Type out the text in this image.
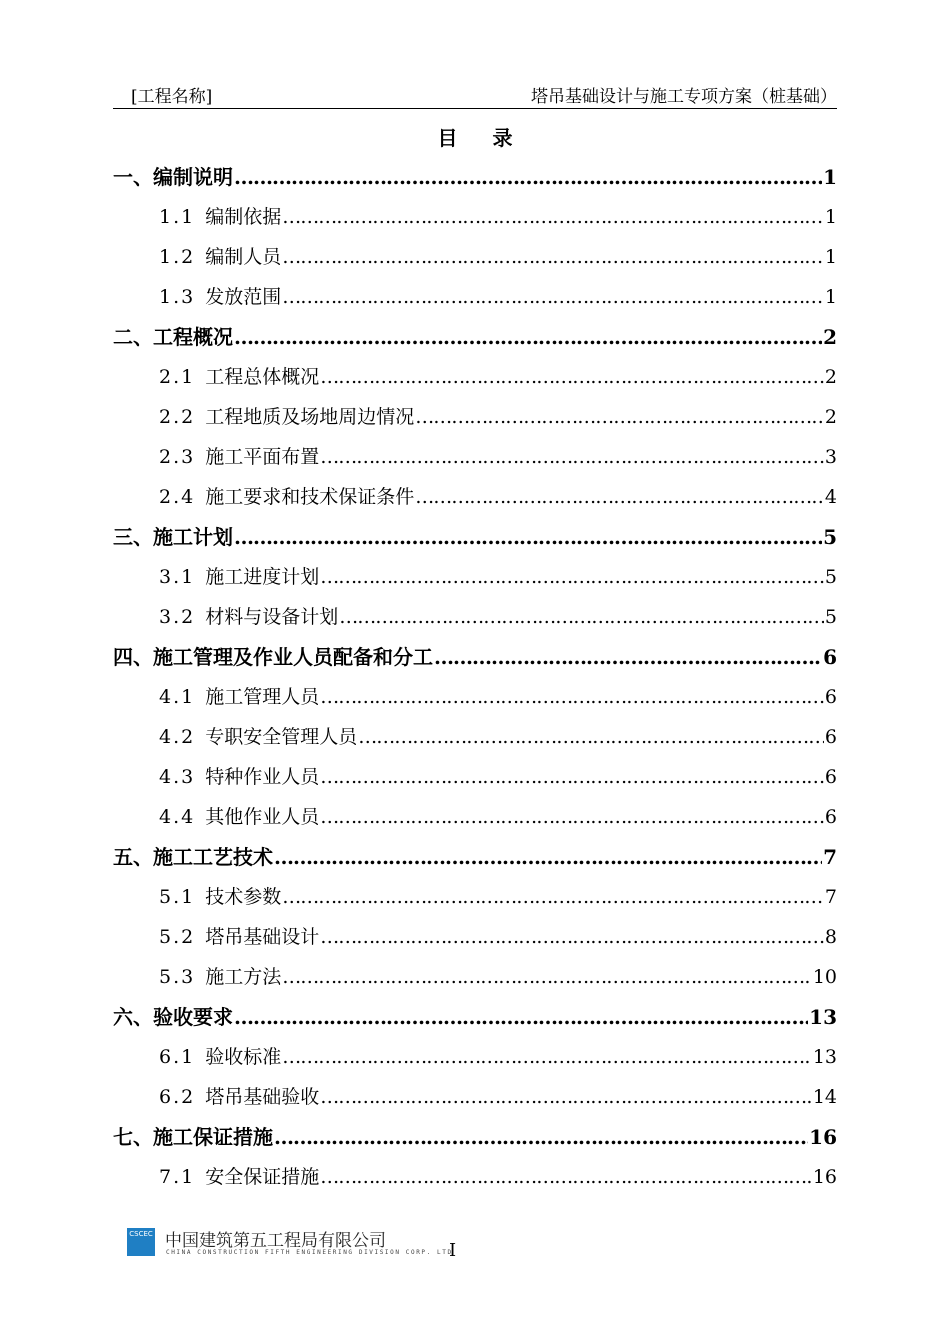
[工程名称]	塔吊基础设计与施工专项方案（桩基础）
目 录
一、 编制说明 …………………………………………………………………………………………………………………………………………………………………………	1
1.1 编制依据 …………………………………………………………………………………………………………………………………………………………………………	1
1.2 编制人员 …………………………………………………………………………………………………………………………………………………………………………	1
1.3 发放范围 …………………………………………………………………………………………………………………………………………………………………………	1
二、 工程概况 …………………………………………………………………………………………………………………………………………………………………………	2
2.1 工程总体概况 …………………………………………………………………………………………………………………………………………………………………………	2
2.2 工程地质及场地周边情况 …………………………………………………………………………………………………………………………………………………………………………	2
2.3 施工平面布置 …………………………………………………………………………………………………………………………………………………………………………	3
2.4 施工要求和技术保证条件 …………………………………………………………………………………………………………………………………………………………………………	4
三、 施工计划 …………………………………………………………………………………………………………………………………………………………………………	5
3.1 施工进度计划 …………………………………………………………………………………………………………………………………………………………………………	5
3.2 材料与设备计划 …………………………………………………………………………………………………………………………………………………………………………	5
四、 施工管理及作业人员配备和分工 …………………………………………………………………………………………………………………………………………………………………………	6
4.1 施工管理人员 …………………………………………………………………………………………………………………………………………………………………………	6
4.2 专职安全管理人员 …………………………………………………………………………………………………………………………………………………………………………	6
4.3 特种作业人员 …………………………………………………………………………………………………………………………………………………………………………	6
4.4 其他作业人员 …………………………………………………………………………………………………………………………………………………………………………	6
五、 施工工艺技术 …………………………………………………………………………………………………………………………………………………………………………	7
5.1 技术参数 …………………………………………………………………………………………………………………………………………………………………………	7
5.2 塔吊基础设计 …………………………………………………………………………………………………………………………………………………………………………	8
5.3 施工方法 …………………………………………………………………………………………………………………………………………………………………………	10
六、 验收要求 …………………………………………………………………………………………………………………………………………………………………………	13
6.1 验收标准 …………………………………………………………………………………………………………………………………………………………………………	13
6.2 塔吊基础验收 …………………………………………………………………………………………………………………………………………………………………………	14
七、 施工保证措施 …………………………………………………………………………………………………………………………………………………………………………	16
7.1 安全保证措施 …………………………………………………………………………………………………………………………………………………………………………	16
CSCEC 中国建筑第五工程局有限公司
CHINA CONSTRUCTION FIFTH ENGINEERING DIVISION CORP. LTD
I
